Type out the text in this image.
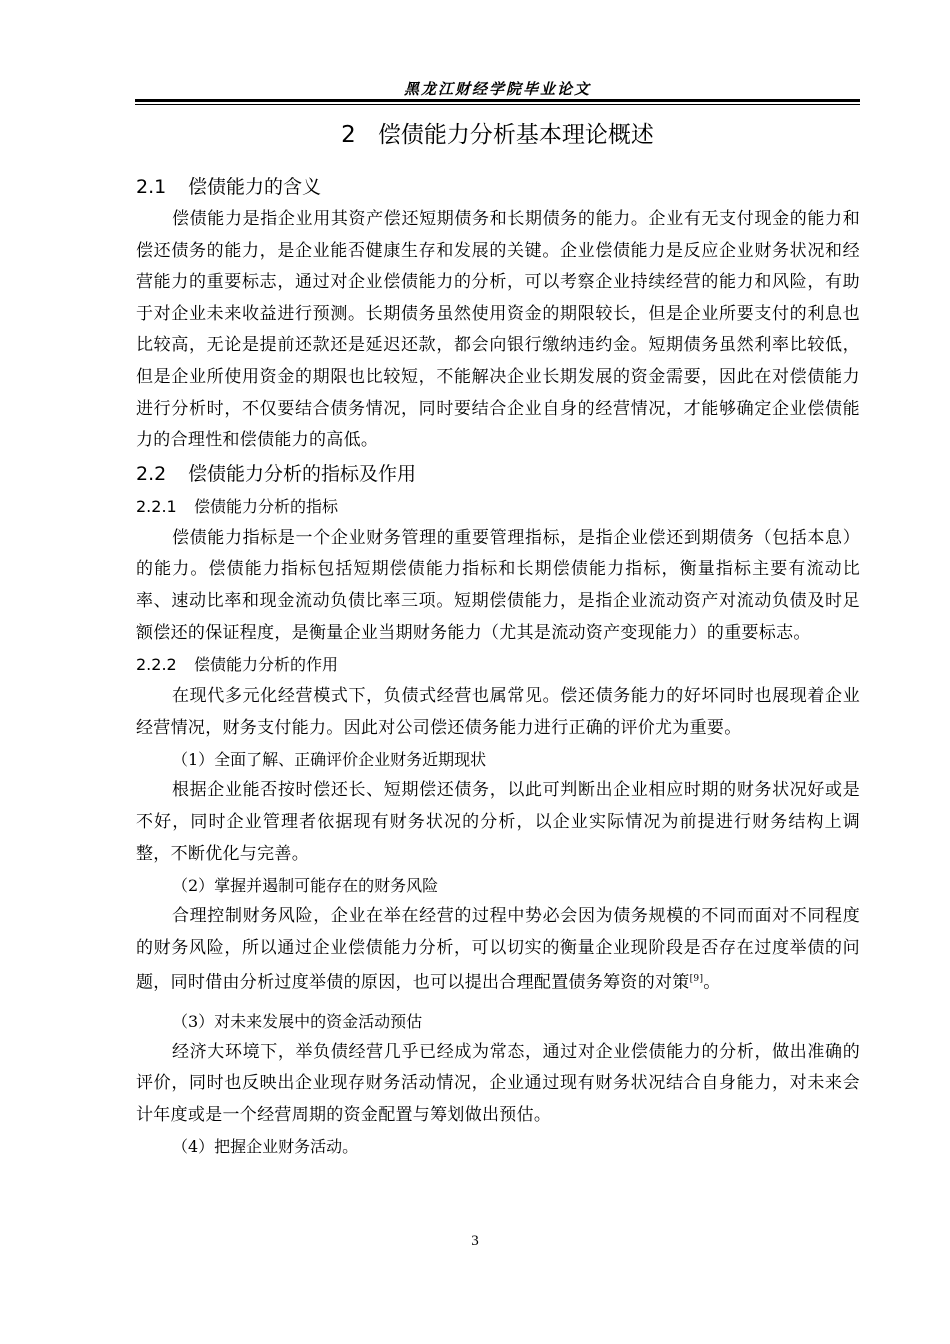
黑龙江财经学院毕业论文
2 偿债能力分析基本理论概述
2.1 偿债能力的含义

偿债能力是指企业用其资产偿还短期债务和长期债务的能力。企业有无支付现金的能力和偿还债务的能力，是企业能否健康生存和发展的关键。企业偿债能力是反应企业财务状况和经营能力的重要标志，通过对企业偿债能力的分析，可以考察企业持续经营的能力和风险，有助于对企业未来收益进行预测。长期债务虽然使用资金的期限较长，但是企业所要支付的利息也比较高，无论是提前还款还是延迟还款，都会向银行缴纳违约金。短期债务虽然利率比较低，但是企业所使用资金的期限也比较短，不能解决企业长期发展的资金需要，因此在对偿债能力进行分析时，不仅要结合债务情况，同时要结合企业自身的经营情况，才能够确定企业偿债能力的合理性和偿债能力的高低。

2.2 偿债能力分析的指标及作用
2.2.1 偿债能力分析的指标

偿债能力指标是一个企业财务管理的重要管理指标，是指企业偿还到期债务（包括本息）的能力。偿债能力指标包括短期偿债能力指标和长期偿债能力指标，衡量指标主要有流动比率、速动比率和现金流动负债比率三项。短期偿债能力，是指企业流动资产对流动负债及时足额偿还的保证程度，是衡量企业当期财务能力（尤其是流动资产变现能力）的重要标志。

2.2.2 偿债能力分析的作用

在现代多元化经营模式下，负债式经营也属常见。偿还债务能力的好坏同时也展现着企业经营情况，财务支付能力。因此对公司偿还债务能力进行正确的评价尤为重要。

（1）全面了解、正确评价企业财务近期现状

根据企业能否按时偿还长、短期偿还债务，以此可判断出企业相应时期的财务状况好或是不好，同时企业管理者依据现有财务状况的分析，以企业实际情况为前提进行财务结构上调整，不断优化与完善。

（2）掌握并遏制可能存在的财务风险

合理控制财务风险，企业在举在经营的过程中势必会因为债务规模的不同而面对不同程度的财务风险，所以通过企业偿债能力分析，可以切实的衡量企业现阶段是否存在过度举债的问题，同时借由分析过度举债的原因，也可以提出合理配置债务筹资的对策[9]。

（3）对未来发展中的资金活动预估

经济大环境下，举负债经营几乎已经成为常态，通过对企业偿债能力的分析，做出准确的评价，同时也反映出企业现存财务活动情况，企业通过现有财务状况结合自身能力，对未来会计年度或是一个经营周期的资金配置与筹划做出预估。

（4）把握企业财务活动。
3
